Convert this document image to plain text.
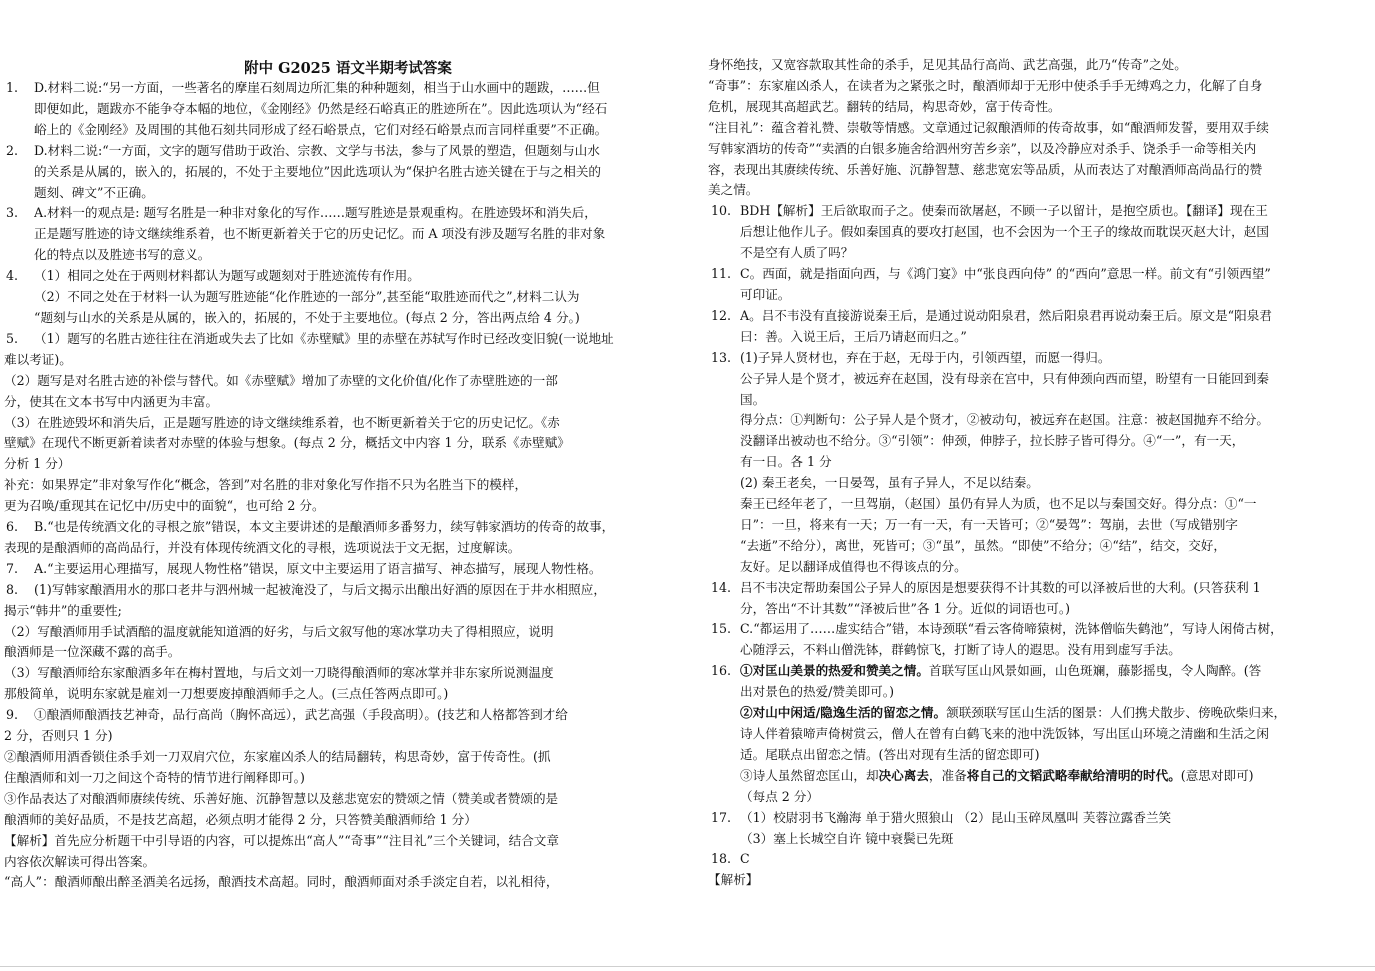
附中 G2025 语文半期考试答案
1. D.材料二说:“另一方面，一些著名的摩崖石刻周边所汇集的种种题刻，相当于山水画中的题跋，……但
即便如此，题跋亦不能争夺本幅的地位，《金刚经》仍然是经石峪真正的胜迹所在”。因此选项认为“经石
峪上的《金刚经》及周围的其他石刻共同形成了经石峪景点，它们对经石峪景点而言同样重要”不正确。
2. D.材料二说:“一方面，文字的题写借助于政治、宗教、文学与书法，参与了风景的塑造，但题刻与山水
的关系是从属的，嵌入的，拓展的，不处于主要地位”因此选项认为“保护名胜古迹关键在于与之相关的
题刻、碑文”不正确。
3. A.材料一的观点是: 题写名胜是一种非对象化的写作……题写胜迹是景观重构。在胜迹毁坏和消失后，
正是题写胜迹的诗文继续维系着，也不断更新着关于它的历史记忆。而 A 项没有涉及题写名胜的非对象
化的特点以及胜迹书写的意义。
4. （1）相同之处在于两则材料都认为题写或题刻对于胜迹流传有作用。
（2）不同之处在于材料一认为题写胜迹能“化作胜迹的一部分”,甚至能“取胜迹而代之”,材料二认为
“题刻与山水的关系是从属的，嵌入的，拓展的，不处于主要地位。(每点 2 分，答出两点给 4 分。)
5. （1）题写的名胜古迹往往在消逝或失去了比如《赤壁赋》里的赤壁在苏轼写作时已经改变旧貌(一说地址
难以考证)。
（2）题写是对名胜古迹的补偿与替代。如《赤壁赋》增加了赤壁的文化价值/化作了赤壁胜迹的一部
分，使其在文本书写中内涵更为丰富。
（3）在胜迹毁坏和消失后，正是题写胜迹的诗文继续维系着，也不断更新着关于它的历史记忆。《赤
壁赋》在现代不断更新着读者对赤壁的体验与想象。(每点 2 分，概括文中内容 1 分，联系《赤壁赋》
分析 1 分）
补充：如果界定”非对象写作化“概念，答到”对名胜的非对象化写作指不只为名胜当下的模样，
更为召唤/重现其在记忆中/历史中的面貌“，也可给 2 分。
6. B.“也是传统酒文化的寻根之旅”错误，本文主要讲述的是酿酒师多番努力，续写韩家酒坊的传奇的故事，
表现的是酿酒师的高尚品行，并没有体现传统酒文化的寻根，选项说法于文无据，过度解读。
7. A.“主要运用心理描写，展现人物性格”错误，原文中主要运用了语言描写、神态描写，展现人物性格。
8. (1)写韩家酿酒用水的那口老井与泗州城一起被淹没了，与后文揭示出酿出好酒的原因在于井水相照应，
揭示“韩井”的重要性;
（2）写酿酒师用手试酒醅的温度就能知道酒的好劣，与后文叙写他的寒冰掌功夫了得相照应，说明
酿酒师是一位深藏不露的高手。
（3）写酿酒师给东家酿酒多年在梅村置地，与后文刘一刀晓得酿酒师的寒冰掌并非东家所说测温度
那般简单，说明东家就是雇刘一刀想要废掉酿酒师手之人。(三点任答两点即可。)
9. ①酿酒师酿酒技艺神奇，品行高尚（胸怀高远），武艺高强（手段高明）。(技艺和人格都答到才给
2 分，否则只 1 分)
②酿酒师用酒香锁住杀手刘一刀双肩穴位，东家雇凶杀人的结局翻转，构思奇妙，富于传奇性。(抓
住酿酒师和刘一刀之间这个奇特的情节进行阐释即可。)
③作品表达了对酿酒师赓续传统、乐善好施、沉静智慧以及慈悲宽宏的赞颂之情（赞美或者赞颂的是
酿酒师的美好品质，不是技艺高超，必须点明才能得 2 分，只答赞美酿酒师给 1 分）
【解析】首先应分析题干中引导语的内容，可以提炼出“高人”“奇事”“注目礼”三个关键词，结合文章
内容依次解读可得出答案。
“高人”：酿酒师酿出醉圣酒美名远扬，酿酒技术高超。同时，酿酒师面对杀手淡定自若，以礼相待，
身怀绝技，又宽容款取其性命的杀手，足见其品行高尚、武艺高强，此乃“传奇”之处。
“奇事”：东家雇凶杀人，在读者为之紧张之时，酿酒师却于无形中使杀手手无缚鸡之力，化解了自身
危机，展现其高超武艺。翻转的结局，构思奇妙，富于传奇性。
“注目礼”：蕴含着礼赞、崇敬等情感。文章通过记叙酿酒师的传奇故事，如“酿酒师发誓，要用双手续
写韩家酒坊的传奇”“卖酒的白银多施舍给泗州穷苦乡亲”，以及冷静应对杀手、饶杀手一命等相关内
容，表现出其赓续传统、乐善好施、沉静智慧、慈悲宽宏等品质，从而表达了对酿酒师高尚品行的赞
美之情。
10. BDH【解析】王后欲取而子之。使秦而欲屠赵，不顾一子以留计，是抱空质也。【翻译】现在王
后想让他作儿子。假如秦国真的要攻打赵国，也不会因为一个王子的缘故而耽误灭赵大计，赵国
不是空有人质了吗？
11. C。西面，就是指面向西，与《鸿门宴》中“张良西向侍” 的“西向”意思一样。前文有“引领西望”
可印证。
12. A。吕不韦没有直接游说秦王后，是通过说动阳泉君，然后阳泉君再说动秦王后。原文是“阳泉君
曰：善。入说王后，王后乃请赵而归之。”
13. (1)子异人贤材也，弃在于赵，无母于内，引领西望，而愿一得归。
公子异人是个贤才，被远弃在赵国，没有母亲在宫中，只有伸颈向西而望，盼望有一日能回到秦
国。
得分点：①判断句：公子异人是个贤才，②被动句，被远弃在赵国。注意：被赵国抛弃不给分。
没翻译出被动也不给分。③“引领”：伸颈，伸脖子，拉长脖子皆可得分。④“一”，有一天，
有一日。各 1 分
(2) 秦王老矣，一日晏驾，虽有子异人，不足以结秦。
秦王已经年老了，一旦驾崩，（赵国）虽仍有异人为质，也不足以与秦国交好。得分点：①“一
日”：一旦，将来有一天；万一有一天，有一天皆可；②“晏驾”：驾崩，去世（写成错别字
“去逝”不给分），离世，死皆可；③“虽”，虽然。“即使”不给分；④“结”，结交，交好，
友好。足以翻译成值得也不得该点的分。
14. 吕不韦决定帮助秦国公子异人的原因是想要获得不计其数的可以泽被后世的大利。(只答获利 1
分，答出“不计其数”“泽被后世”各 1 分。近似的词语也可。)
15. C.“都运用了……虚实结合”错，本诗颈联“看云客倚啼猿树，洗钵僧临失鹤池”，写诗人闲倚古树，
心随浮云，不料山僧洗钵，群鹤惊飞，打断了诗人的遐思。没有用到虚写手法。
16. ①对匡山美景的热爱和赞美之情。首联写匡山风景如画，山色斑斓，藤影摇曳，令人陶醉。(答
出对景色的热爱/赞美即可。)
②对山中闲适/隐逸生活的留恋之情。颔联颈联写匡山生活的图景：人们携犬散步、傍晚砍柴归来，
诗人伴着猿啼声倚树赏云，僧人在曾有白鹤飞来的池中洗饭钵，写出匡山环境之清幽和生活之闲
适。尾联点出留恋之情。(答出对现有生活的留恋即可)
③诗人虽然留恋匡山，却决心离去，准备将自己的文韬武略奉献给清明的时代。(意思对即可)
（每点 2 分）
17. （1）校尉羽书飞瀚海 单于猎火照狼山 （2）昆山玉碎凤凰叫 芙蓉泣露香兰笑
（3）塞上长城空自许 镜中衰鬓已先斑
18. C
【解析】
